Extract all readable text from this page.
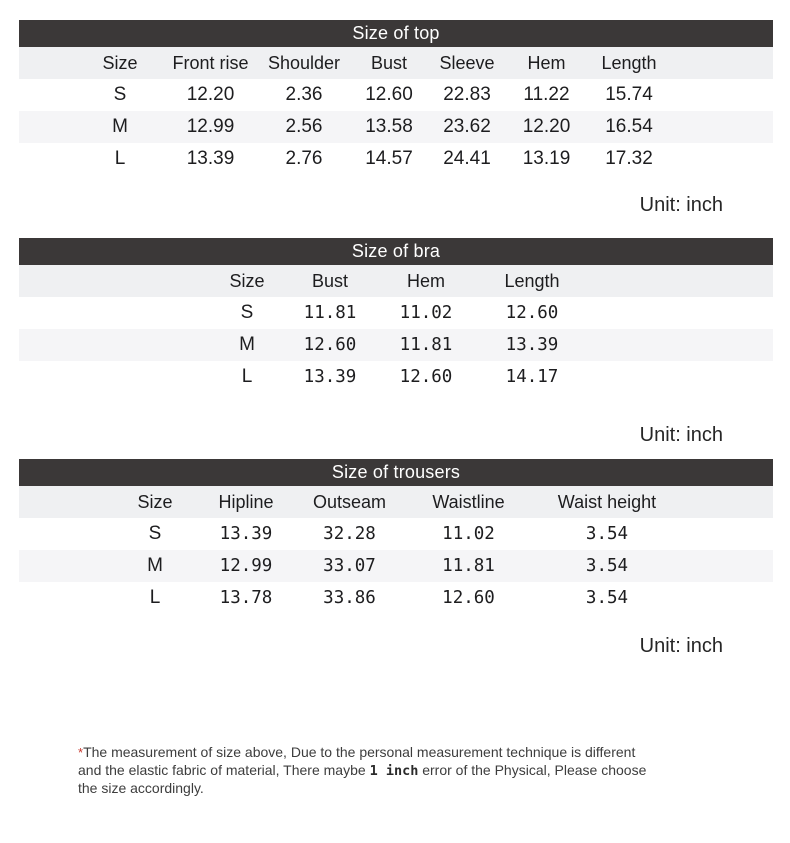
Size of top
	Size	Front rise	Shoulder	Bust	Sleeve	Hem	Length	
	S	12.20	2.36	12.60	22.83	11.22	15.74	
	M	12.99	2.56	13.58	23.62	12.20	16.54	
	L	13.39	2.76	14.57	24.41	13.19	17.32	
Unit: inch
Size of bra
	Size	Bust	Hem	Length	
	S	11.81	11.02	12.60	
	M	12.60	11.81	13.39	
	L	13.39	12.60	14.17	
Unit: inch
Size of trousers
	Size	Hipline	Outseam	Waistline	Waist height	
	S	13.39	32.28	11.02	3.54	
	M	12.99	33.07	11.81	3.54	
	L	13.78	33.86	12.60	3.54	
Unit: inch
*The measurement of size above, Due to the personal measurement technique is different
and the elastic fabric of material, There maybe 1 inch error of the Physical, Please choose
the size accordingly.
